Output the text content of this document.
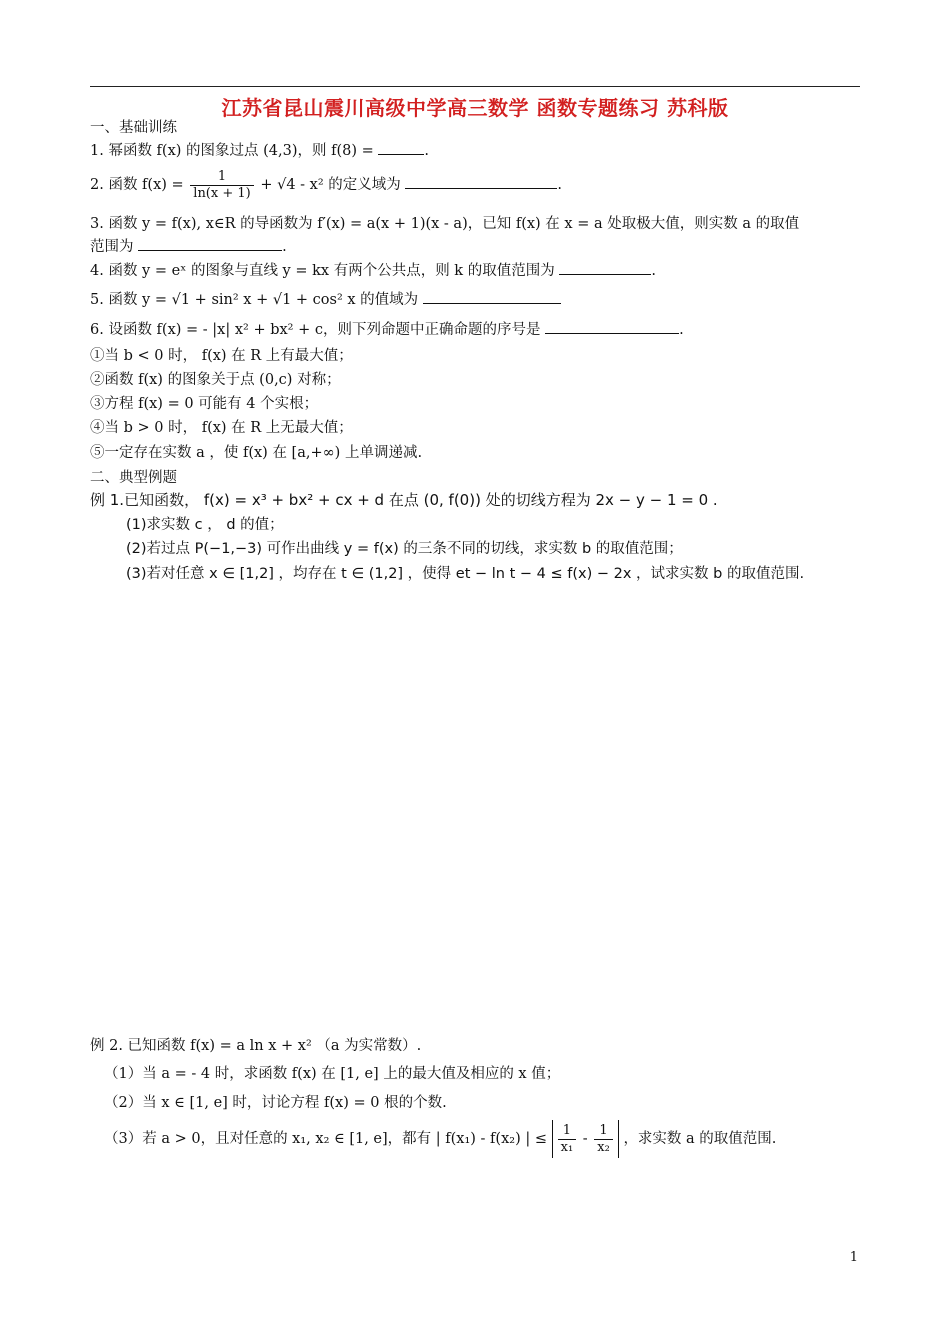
江苏省昆山震川高级中学高三数学 函数专题练习 苏科版
一、基础训练
1. 幂函数 f(x) 的图象过点 (4,3)，则 f(8) =	.
2. 函数 $f(x) = \frac{1}{\ln(x + 1)} + √4 - x^2$ 的定义域为	.
3. 函数 y = f(x), x∈R 的导函数为 f′(x) = a(x + 1)(x - a)，已知 f(x) 在 x = a 处取极大值，则实数 a 的取值
范围为	.
4. 函数 y = eˣ 的图象与直线 y = kx 有两个公共点，则 k 的取值范围为	.
5. 函数 y = √1 + sin² x + √1 + cos² x 的值域为
6. 设函数 f(x) = - |x| x² + bx² + c，则下列命题中正确命题的序号是	.
①当 b < 0 时， f(x) 在 R 上有最大值；
②函数 f(x) 的图象关于点 (0,c) 对称；
③方程 f(x) = 0 可能有 4 个实根；
④当 b > 0 时， f(x) 在 R 上无最大值；
⑤一定存在实数 a ，使 f(x) 在 [a,+∞) 上单调递减.
二、典型例题
例 1.已知函数， f(x) = x³ + bx² + cx + d 在点 (0, f(0)) 处的切线方程为 2x − y − 1 = 0 .
(1)求实数 c ， d 的值；
(2)若过点 P(−1,−3) 可作出曲线 y = f(x) 的三条不同的切线，求实数 b 的取值范围；
(3)若对任意 x ∈ [1,2] ，均存在 t ∈ (1,2] ，使得 et − ln t − 4 ≤ f(x) − 2x ，试求实数 b 的取值范围.
例 2. 已知函数 f(x) = a ln x + x² （a 为实常数）.
（1）当 a = - 4 时，求函数 f(x) 在 [1, e] 上的最大值及相应的 x 值；
（2）当 x ∈ [1, e] 时，讨论方程 f(x) = 0 根的个数.
（3）若 a > 0，且对任意的 x₁, x₂ ∈ [1, e]，都有 | f(x₁) - f(x₂) | ≤ $\frac{1}{\text{x₁}} - \frac{1}{\text{x₂}}$ ，求实数 a 的取值范围.
1
